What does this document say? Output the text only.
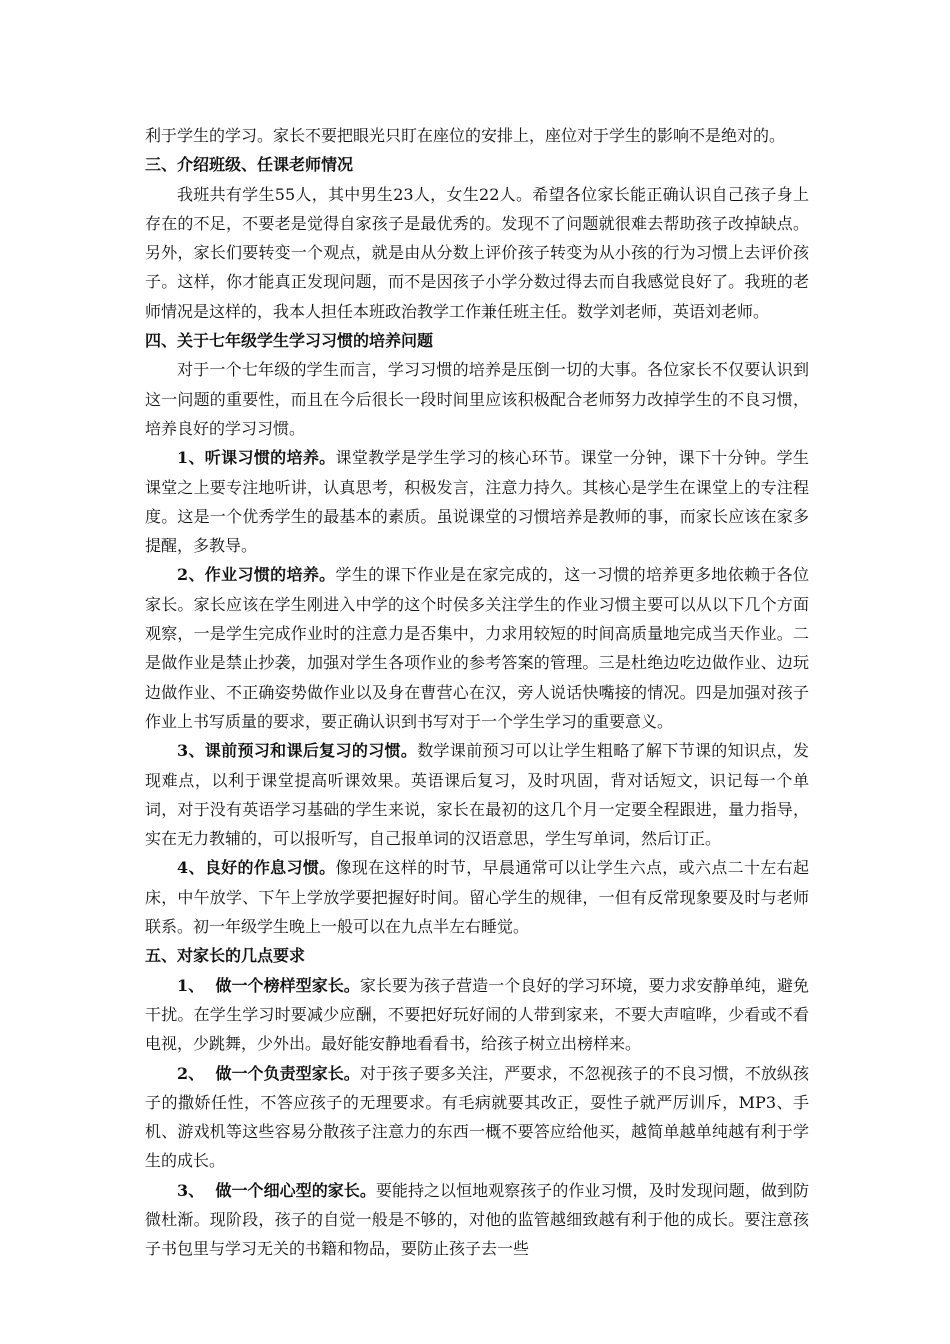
利于学生的学习。家长不要把眼光只盯在座位的安排上，座位对于学生的影响不是绝对的。

三、介绍班级、任课老师情况

我班共有学生55人，其中男生23人，女生22人。希望各位家长能正确认识自己孩子身上存在的不足，不要老是觉得自家孩子是最优秀的。发现不了问题就很难去帮助孩子改掉缺点。另外，家长们要转变一个观点，就是由从分数上评价孩子转变为从小孩的行为习惯上去评价孩子。这样，你才能真正发现问题，而不是因孩子小学分数过得去而自我感觉良好了。我班的老师情况是这样的，我本人担任本班政治教学工作兼任班主任。数学刘老师，英语刘老师。

四、关于七年级学生学习习惯的培养问题

对于一个七年级的学生而言，学习习惯的培养是压倒一切的大事。各位家长不仅要认识到这一问题的重要性，而且在今后很长一段时间里应该积极配合老师努力改掉学生的不良习惯，培养良好的学习习惯。

1、听课习惯的培养。课堂教学是学生学习的核心环节。课堂一分钟，课下十分钟。学生课堂之上要专注地听讲，认真思考，积极发言，注意力持久。其核心是学生在课堂上的专注程度。这是一个优秀学生的最基本的素质。虽说课堂的习惯培养是教师的事，而家长应该在家多提醒，多教导。

2、作业习惯的培养。学生的课下作业是在家完成的，这一习惯的培养更多地依赖于各位家长。家长应该在学生刚进入中学的这个时侯多关注学生的作业习惯主要可以从以下几个方面观察，一是学生完成作业时的注意力是否集中，力求用较短的时间高质量地完成当天作业。二是做作业是禁止抄袭，加强对学生各项作业的参考答案的管理。三是杜绝边吃边做作业、边玩边做作业、不正确姿势做作业以及身在曹营心在汉，旁人说话快嘴接的情况。四是加强对孩子作业上书写质量的要求，要正确认识到书写对于一个学生学习的重要意义。

3、课前预习和课后复习的习惯。数学课前预习可以让学生粗略了解下节课的知识点，发现难点，以利于课堂提高听课效果。英语课后复习，及时巩固，背对话短文，识记每一个单词，对于没有英语学习基础的学生来说，家长在最初的这几个月一定要全程跟进，量力指导，实在无力教辅的，可以报听写，自己报单词的汉语意思，学生写单词，然后订正。

4、良好的作息习惯。像现在这样的时节，早晨通常可以让学生六点，或六点二十左右起床，中午放学、下午上学放学要把握好时间。留心学生的规律，一但有反常现象要及时与老师联系。初一年级学生晚上一般可以在九点半左右睡觉。

五、对家长的几点要求

1、  做一个榜样型家长。家长要为孩子营造一个良好的学习环境，要力求安静单纯，避免干扰。在学生学习时要减少应酬，不要把好玩好闹的人带到家来，不要大声喧哗，少看或不看电视，少跳舞，少外出。最好能安静地看看书，给孩子树立出榜样来。

2、  做一个负责型家长。对于孩子要多关注，严要求，不忽视孩子的不良习惯，不放纵孩子的撒娇任性，不答应孩子的无理要求。有毛病就要其改正，耍性子就严厉训斥，MP3、手机、游戏机等这些容易分散孩子注意力的东西一概不要答应给他买，越简单越单纯越有利于学生的成长。

3、  做一个细心型的家长。要能持之以恒地观察孩子的作业习惯，及时发现问题，做到防微杜渐。现阶段，孩子的自觉一般是不够的，对他的监管越细致越有利于他的成长。要注意孩子书包里与学习无关的书籍和物品，要防止孩子去一些
